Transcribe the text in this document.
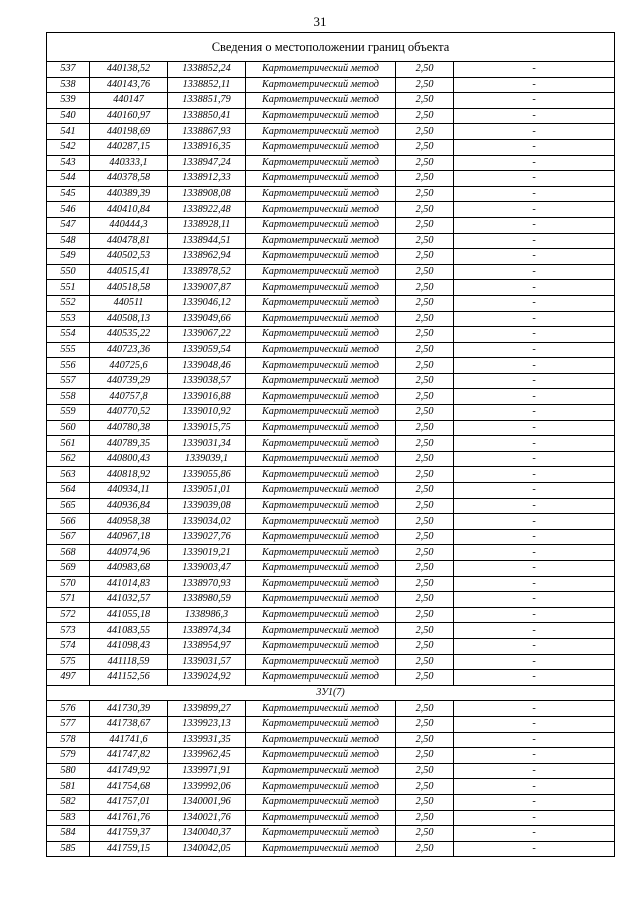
31
Сведения о местоположении границ объекта					
537	440138,52	1338852,24	Картометрический метод	2,50	-
538	440143,76	1338852,11	Картометрический метод	2,50	-
539	440147	1338851,79	Картометрический метод	2,50	-
540	440160,97	1338850,41	Картометрический метод	2,50	-
541	440198,69	1338867,93	Картометрический метод	2,50	-
542	440287,15	1338916,35	Картометрический метод	2,50	-
543	440333,1	1338947,24	Картометрический метод	2,50	-
544	440378,58	1338912,33	Картометрический метод	2,50	-
545	440389,39	1338908,08	Картометрический метод	2,50	-
546	440410,84	1338922,48	Картометрический метод	2,50	-
547	440444,3	1338928,11	Картометрический метод	2,50	-
548	440478,81	1338944,51	Картометрический метод	2,50	-
549	440502,53	1338962,94	Картометрический метод	2,50	-
550	440515,41	1338978,52	Картометрический метод	2,50	-
551	440518,58	1339007,87	Картометрический метод	2,50	-
552	440511	1339046,12	Картометрический метод	2,50	-
553	440508,13	1339049,66	Картометрический метод	2,50	-
554	440535,22	1339067,22	Картометрический метод	2,50	-
555	440723,36	1339059,54	Картометрический метод	2,50	-
556	440725,6	1339048,46	Картометрический метод	2,50	-
557	440739,29	1339038,57	Картометрический метод	2,50	-
558	440757,8	1339016,88	Картометрический метод	2,50	-
559	440770,52	1339010,92	Картометрический метод	2,50	-
560	440780,38	1339015,75	Картометрический метод	2,50	-
561	440789,35	1339031,34	Картометрический метод	2,50	-
562	440800,43	1339039,1	Картометрический метод	2,50	-
563	440818,92	1339055,86	Картометрический метод	2,50	-
564	440934,11	1339051,01	Картометрический метод	2,50	-
565	440936,84	1339039,08	Картометрический метод	2,50	-
566	440958,38	1339034,02	Картометрический метод	2,50	-
567	440967,18	1339027,76	Картометрический метод	2,50	-
568	440974,96	1339019,21	Картометрический метод	2,50	-
569	440983,68	1339003,47	Картометрический метод	2,50	-
570	441014,83	1338970,93	Картометрический метод	2,50	-
571	441032,57	1338980,59	Картометрический метод	2,50	-
572	441055,18	1338986,3	Картометрический метод	2,50	-
573	441083,55	1338974,34	Картометрический метод	2,50	-
574	441098,43	1338954,97	Картометрический метод	2,50	-
575	441118,59	1339031,57	Картометрический метод	2,50	-
497	441152,56	1339024,92	Картометрический метод	2,50	-
3У1(7)					
576	441730,39	1339899,27	Картометрический метод	2,50	-
577	441738,67	1339923,13	Картометрический метод	2,50	-
578	441741,6	1339931,35	Картометрический метод	2,50	-
579	441747,82	1339962,45	Картометрический метод	2,50	-
580	441749,92	1339971,91	Картометрический метод	2,50	-
581	441754,68	1339992,06	Картометрический метод	2,50	-
582	441757,01	1340001,96	Картометрический метод	2,50	-
583	441761,76	1340021,76	Картометрический метод	2,50	-
584	441759,37	1340040,37	Картометрический метод	2,50	-
585	441759,15	1340042,05	Картометрический метод	2,50	-
